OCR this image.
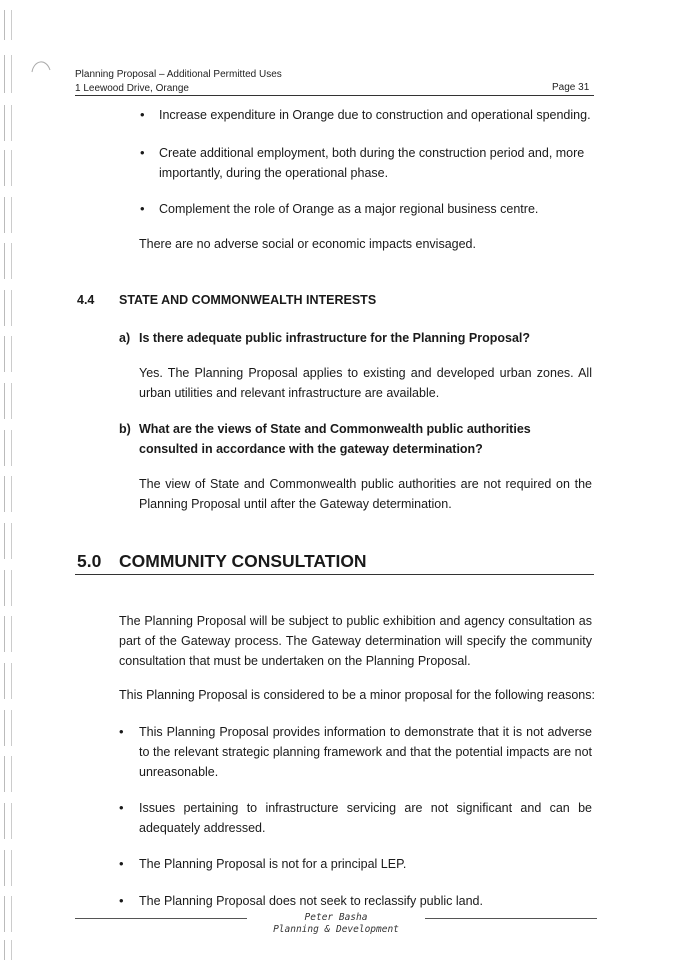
Planning Proposal – Additional Permitted Uses
1 Leewood Drive, Orange	Page 31
• Increase expenditure in Orange due to construction and operational spending.
• Create additional employment, both during the construction period and, more importantly, during the operational phase.
• Complement the role of Orange as a major regional business centre.
There are no adverse social or economic impacts envisaged.
4.4 STATE AND COMMONWEALTH INTERESTS
a) Is there adequate public infrastructure for the Planning Proposal?
Yes. The Planning Proposal applies to existing and developed urban zones. All urban utilities and relevant infrastructure are available.
b) What are the views of State and Commonwealth public authorities consulted in accordance with the gateway determination?
The view of State and Commonwealth public authorities are not required on the Planning Proposal until after the Gateway determination.
5.0 COMMUNITY CONSULTATION
The Planning Proposal will be subject to public exhibition and agency consultation as part of the Gateway process. The Gateway determination will specify the community consultation that must be undertaken on the Planning Proposal.
This Planning Proposal is considered to be a minor proposal for the following reasons:
• This Planning Proposal provides information to demonstrate that it is not adverse to the relevant strategic planning framework and that the potential impacts are not unreasonable.
• Issues pertaining to infrastructure servicing are not significant and can be adequately addressed.
• The Planning Proposal is not for a principal LEP.
• The Planning Proposal does not seek to reclassify public land.
Peter Basha
Planning & Development
